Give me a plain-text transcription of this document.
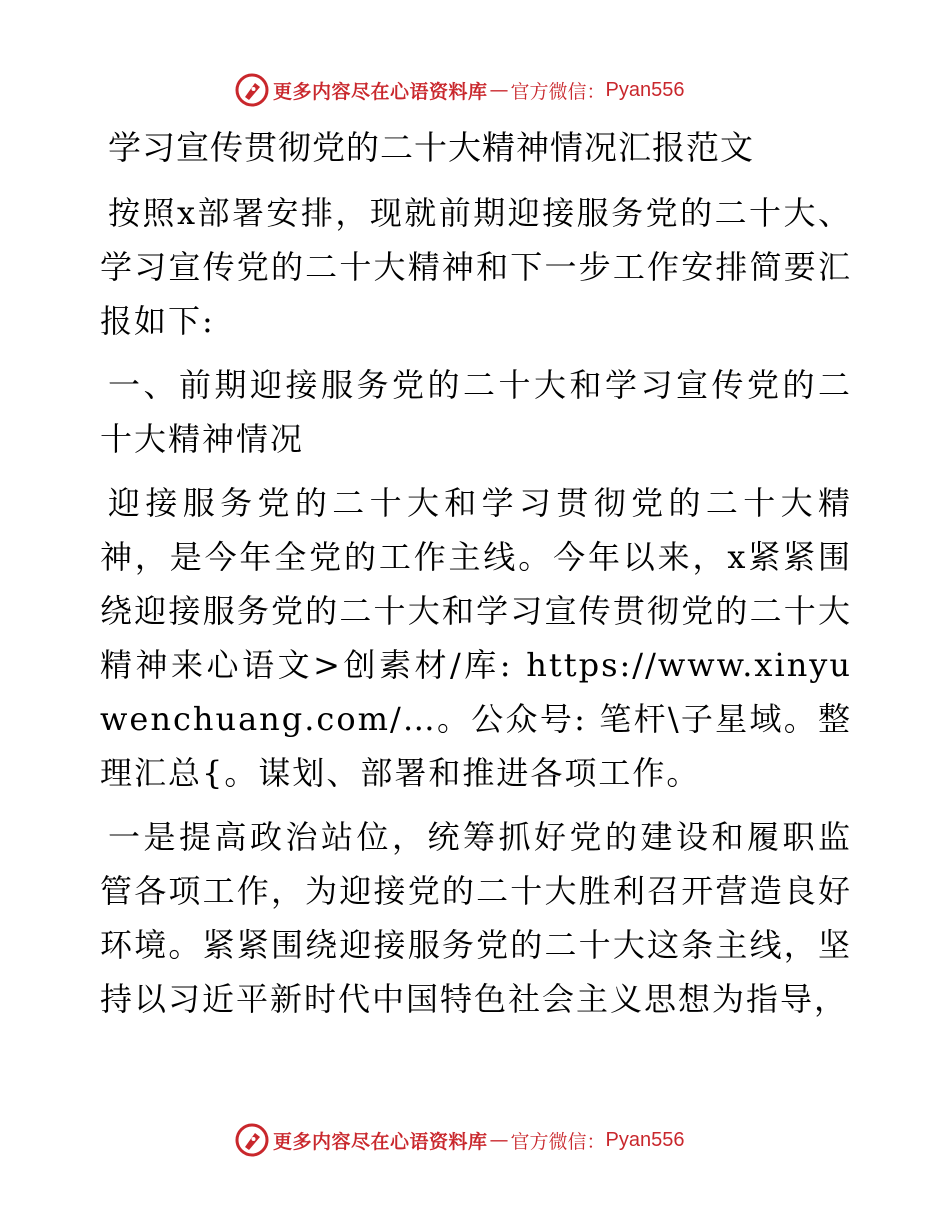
更多内容尽在心语资料库 — 官方微信： Pyan556
学习宣传贯彻党的二十大精神情况汇报范文

按照x部署安排，现就前期迎接服务党的二十大、学习宣传党的二十大精神和下一步工作安排简要汇报如下:

一、前期迎接服务党的二十大和学习宣传党的二十大精神情况

迎接服务党的二十大和学习贯彻党的二十大精神，是今年全党的工作主线。今年以来，x紧紧围绕迎接服务党的二十大和学习宣传贯彻党的二十大精神来心语文>创素材/库: https://www.xinyuwenchuang.com/…。公众号: 笔杆\子星域。整理汇总{。谋划、部署和推进各项工作。

一是提高政治站位，统筹抓好党的建设和履职监管各项工作，为迎接党的二十大胜利召开营造良好环境。紧紧围绕迎接服务党的二十大这条主线，坚持以习近平新时代中国特色社会主义思想为指导，

更多内容尽在心语资料库 — 官方微信： Pyan556
